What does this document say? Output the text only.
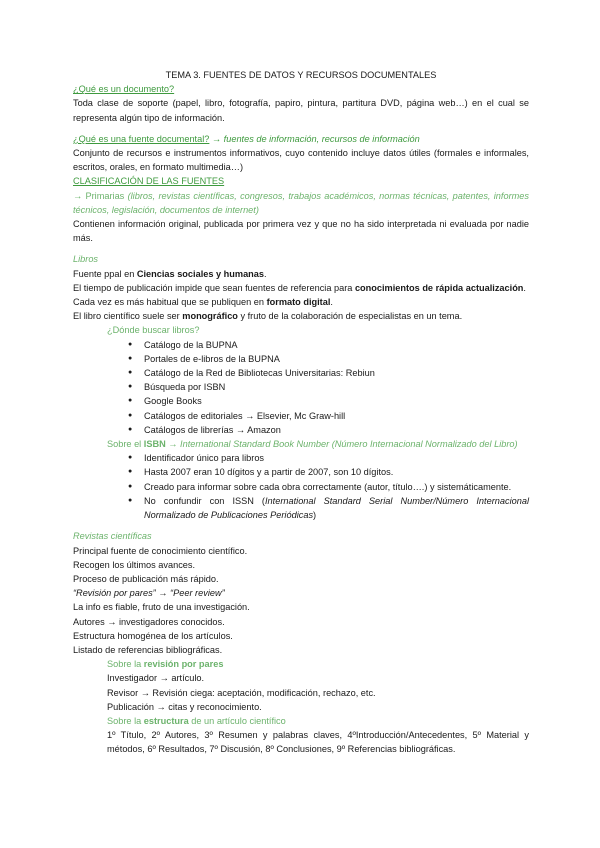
TEMA 3. FUENTES DE DATOS Y RECURSOS DOCUMENTALES

¿Qué es un documento?

Toda clase de soporte (papel, libro, fotografía, papiro, pintura, partitura DVD, página web…) en el cual se representa algún tipo de información.

¿Qué es una fuente documental? → fuentes de información, recursos de información

Conjunto de recursos e instrumentos informativos, cuyo contenido incluye datos útiles (formales e informales, escritos, orales, en formato multimedia…)

CLASIFICACIÓN DE LAS FUENTES

→ Primarias (libros, revistas científicas, congresos, trabajos académicos, normas técnicas, patentes, informes técnicos, legislación, documentos de internet)

Contienen información original, publicada por primera vez y que no ha sido interpretada ni evaluada por nadie más.

Libros

Fuente ppal en Ciencias sociales y humanas.

El tiempo de publicación impide que sean fuentes de referencia para conocimientos de rápida actualización.

Cada vez es más habitual que se publiquen en formato digital.

El libro científico suele ser monográfico y fruto de la colaboración de especialistas en un tema.

¿Dónde buscar libros?

● Catálogo de la BUPNA
● Portales de e-libros de la BUPNA
● Catálogo de la Red de Bibliotecas Universitarias: Rebiun
● Búsqueda por ISBN
● Google Books
● Catálogos de editoriales → Elsevier, Mc Graw-hill
● Catálogos de librerías → Amazon

Sobre el ISBN → International Standard Book Number (Número Internacional Normalizado del Libro)

● Identificador único para libros
● Hasta 2007 eran 10 dígitos y a partir de 2007, son 10 dígitos.
● Creado para informar sobre cada obra correctamente (autor, título….) y sistemáticamente.
● No confundir con ISSN (International Standard Serial Number/Número Internacional Normalizado de Publicaciones Periódicas)

Revistas científicas

Principal fuente de conocimiento científico.

Recogen los últimos avances.

Proceso de publicación más rápido.

“Revisión por pares” → “Peer review”

La info es fiable, fruto de una investigación.

Autores → investigadores conocidos.

Estructura homogénea de los artículos.

Listado de referencias bibliográficas.

Sobre la revisión por pares

Investigador → artículo.

Revisor → Revisión ciega: aceptación, modificación, rechazo, etc.

Publicación → citas y reconocimiento.

Sobre la estructura de un artículo científico

1º Título, 2º Autores, 3º Resumen y palabras claves, 4ºIntroducción/Antecedentes, 5º Material y métodos, 6º Resultados, 7º Discusión, 8º Conclusiones, 9º Referencias bibliográficas.
